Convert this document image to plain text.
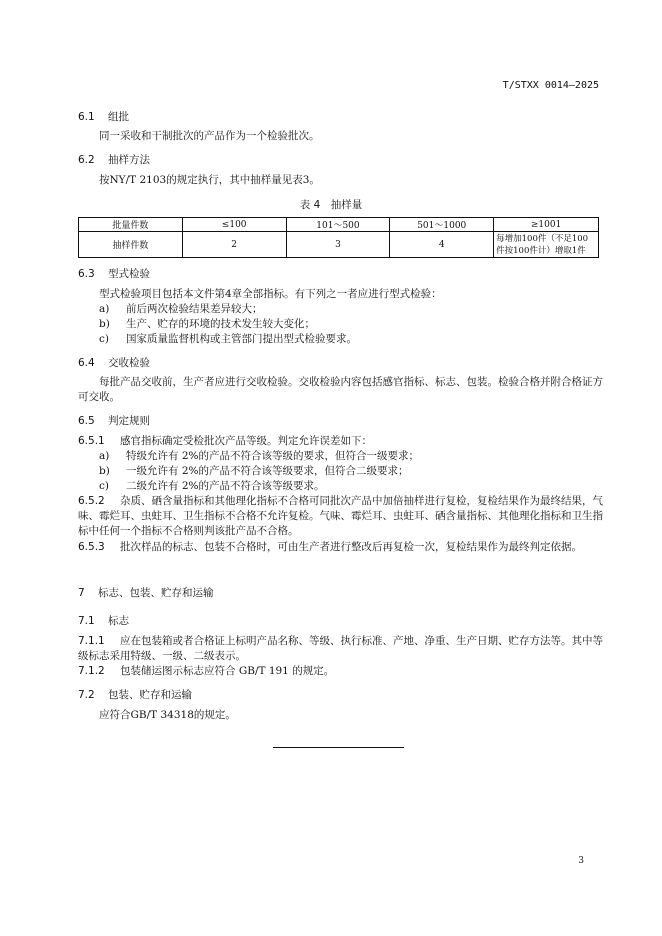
T/STXX 0014—2025
6.1 组批
同一采收和干制批次的产品作为一个检验批次。
6.2 抽样方法
按NY/T 2103的规定执行，其中抽样量见表3。
表 4　抽样量
批量件数	≤100	101～500	501～1000	≥1001
抽样件数	2	3	4	每增加100件（不足100
件按100件计）增取1件
6.3 型式检验
型式检验项目包括本文件第4章全部指标。有下列之一者应进行型式检验：
a) 前后两次检验结果差异较大；
b) 生产、贮存的环境的技术发生较大变化；
c) 国家质量监督机构或主管部门提出型式检验要求。
6.4 交收检验
每批产品交收前，生产者应进行交收检验。交收检验内容包括感官指标、标志、包装。检验合格并附合格证方可交收。
6.5 判定规则
6.5.1 感官指标确定受检批次产品等级。判定允许误差如下：
a) 特级允许有 2%的产品不符合该等级的要求，但符合一级要求；
b) 一级允许有 2%的产品不符合该等级要求，但符合二级要求；
c) 二级允许有 2%的产品不符合该等级要求。
6.5.2 杂质、硒含量指标和其他理化指标不合格可同批次产品中加倍抽样进行复检，复检结果作为最终结果，气味、霉烂耳、虫蛀耳、卫生指标不合格不允许复检。气味、霉烂耳、虫蛀耳、硒含量指标、其他理化指标和卫生指标中任何一个指标不合格则判该批产品不合格。
6.5.3 批次样品的标志、包装不合格时，可由生产者进行整改后再复检一次，复检结果作为最终判定依据。
7 标志、包装、贮存和运输
7.1 标志
7.1.1 应在包装箱或者合格证上标明产品名称、等级、执行标准、产地、净重、生产日期、贮存方法等。其中等级标志采用特级、一级、二级表示。
7.1.2 包装储运图示标志应符合 GB/T 191 的规定。
7.2 包装、贮存和运输
应符合GB/T 34318的规定。
3
